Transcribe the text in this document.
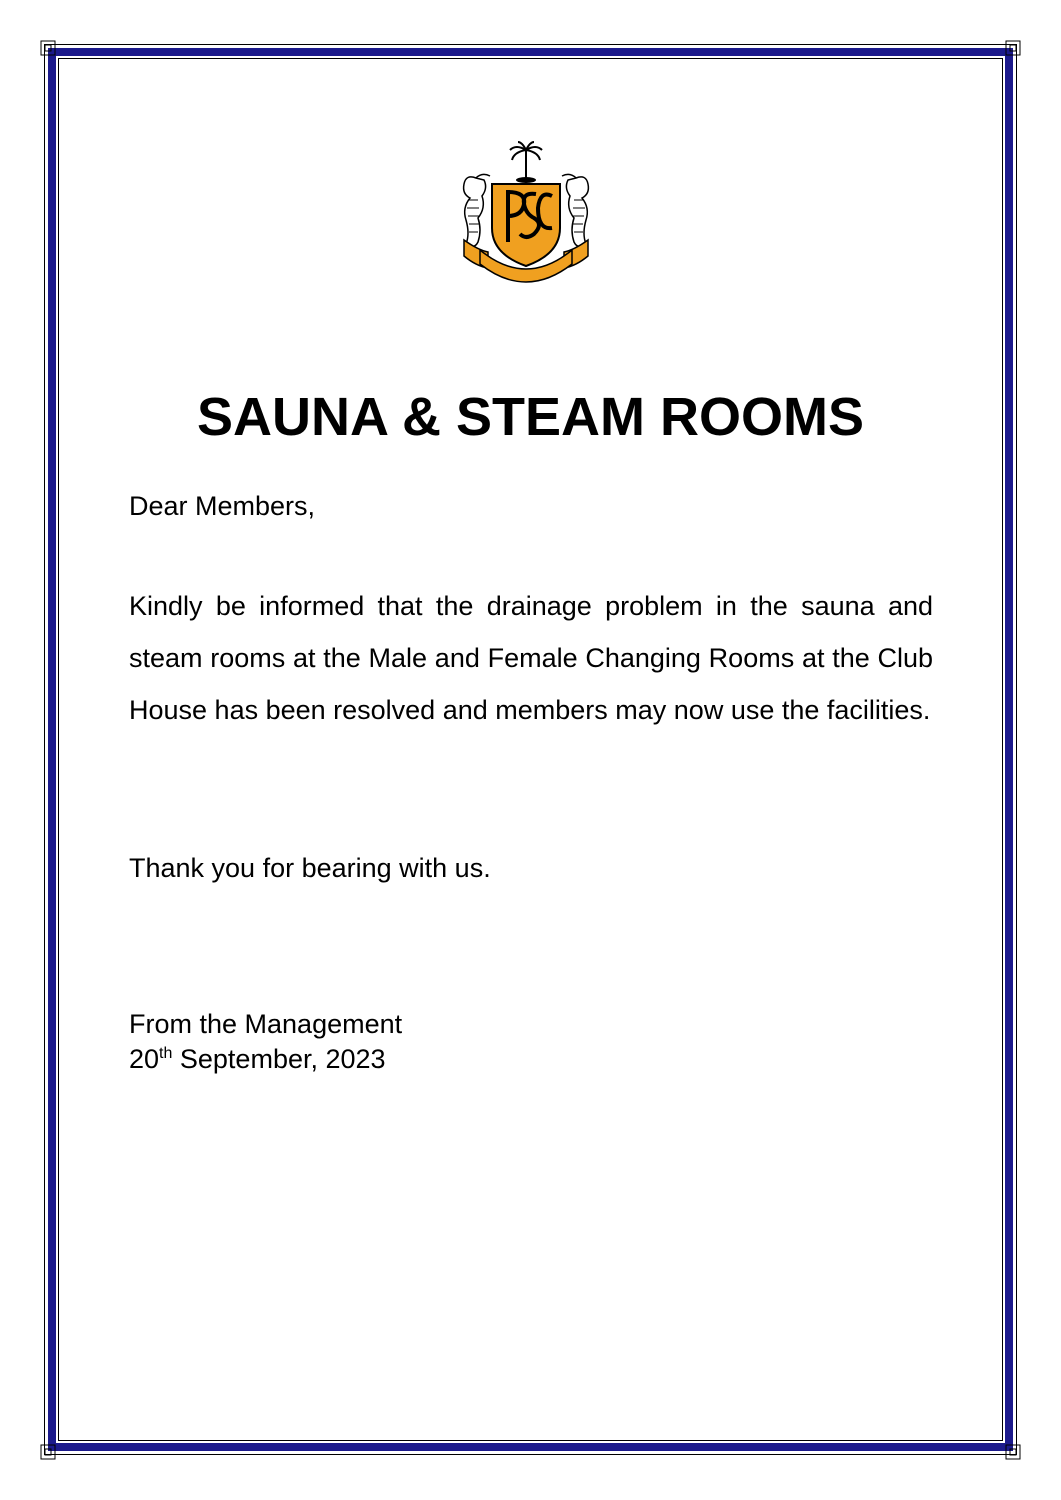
SAUNA & STEAM ROOMS
Dear Members,
Kindly be informed that the drainage problem in the sauna and steam rooms at the Male and Female Changing Rooms at the Club House has been resolved and members may now use the facilities.
Thank you for bearing with us.
From the Management
20th September, 2023
